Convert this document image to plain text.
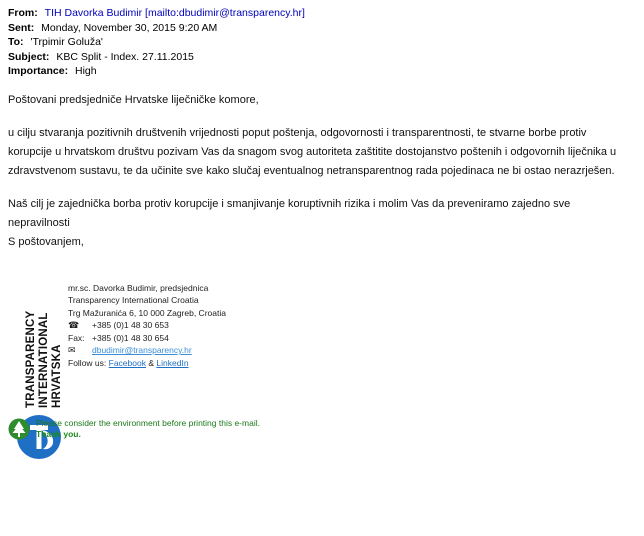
From: TIH Davorka Budimir [mailto:dbudimir@transparency.hr]
Sent: Monday, November 30, 2015 9:20 AM
To: 'Trpimir Goluža'
Subject: KBC Split - Index. 27.11.2015
Importance: High

Poštovani predsjedniče Hrvatske liječničke komore,

u cilju stvaranja pozitivnih društvenih vrijednosti poput poštenja, odgovornosti i transparentnosti, te stvarne borbe protiv korupcije u hrvatskom društvu pozivam Vas da snagom svog autoriteta zaštitite dostojanstvo poštenih i odgovornih liječnika u zdravstvenom sustavu, te da učinite sve kako slučaj eventualnog netransparentnog rada pojedinaca ne bi ostao nerazrješen.

Naš cilj je zajednička borba protiv korupcije i smanjivanje koruptivnih rizika i molim Vas da preveniramo zajedno sve nepravilnosti

S poštovanjem,

TRANSPARENCY INTERNATIONAL HRVATSKA
mr.sc. Davorka Budimir, predsjednica
Transparency International Croatia
Trg Mažuranića 6, 10 000 Zagreb, Croatia
☎ +385 (0)1 48 30 653
Fax: +385 (0)1 48 30 654
✉ dbudimir@transparency.hr
Follow us: Facebook & LinkedIn
Please consider the environment before printing this e-mail.
Thank you.
